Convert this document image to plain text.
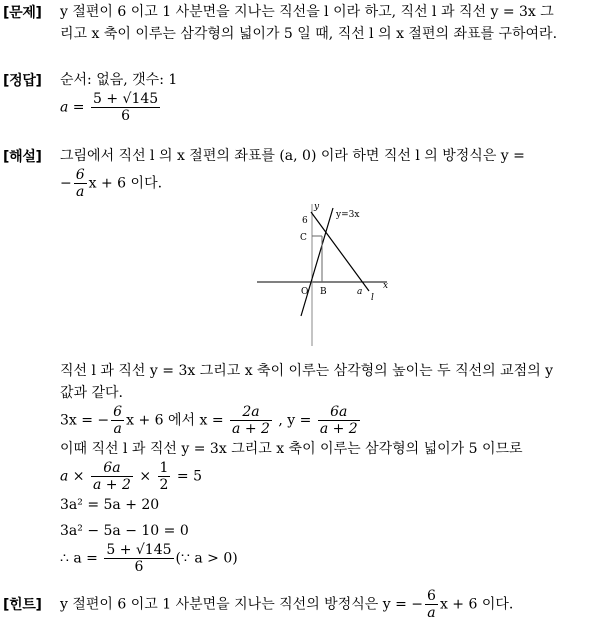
[문제] y 절편이 6 이고 1 사분면을 지나는 직선을 l 이라 하고, 직선 l 과 직선 y = 3x 그
리고 x 축이 이루는 삼각형의 넓이가 5 일 때, 직선 l 의 x 절편의 좌표를 구하여라.
[정답] 순서: 없음, 갯수: 1
$a = \frac{5 + √145}{6}$
[해설] 그림에서 직선 l 의 x 절편의 좌표를 (a, 0) 이라 하면 직선 l 의 방정식은 y =
− $\frac{6}{a}$ x + 6 이다.
y
y=3x
6
C
O B	a
l
x
직선 l 과 직선 y = 3x 그리고 x 축이 이루는 삼각형의 높이는 두 직선의 교점의 y
값과 같다.
3x = − $\frac{6}{a}$ x + 6 에서 $x = \frac{2a}{a + 2}$ , $y = \frac{6a}{a + 2}$
이때 직선 l 과 직선 y = 3x 그리고 x 축이 이루는 삼각형의 넓이가 5 이므로
$a \times \frac{6a}{a + 2} \times \frac{1}{2} = 5$
3a² = 5a + 20
3a² − 5a − 10 = 0
∴ $a = \frac{5 + √145}{6}$ (∵ a > 0)
[힌트] y 절편이 6 이고 1 사분면을 지나는 직선의 방정식은 y = − $\frac{6}{a}$ x + 6 이다.
